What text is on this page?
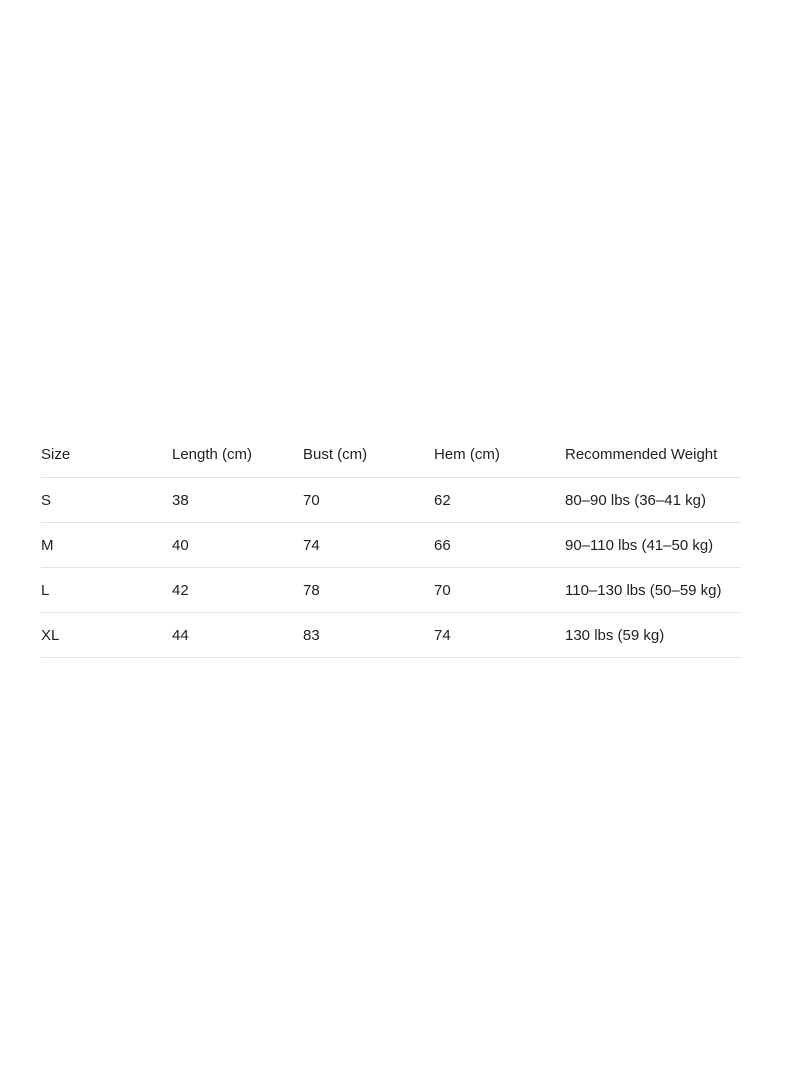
Size	Length (cm)	Bust (cm)	Hem (cm)	Recommended Weight
S	38	70	62	80–90 lbs (36–41 kg)
M	40	74	66	90–110 lbs (41–50 kg)
L	42	78	70	110–130 lbs (50–59 kg)
XL	44	83	74	130 lbs (59 kg)
